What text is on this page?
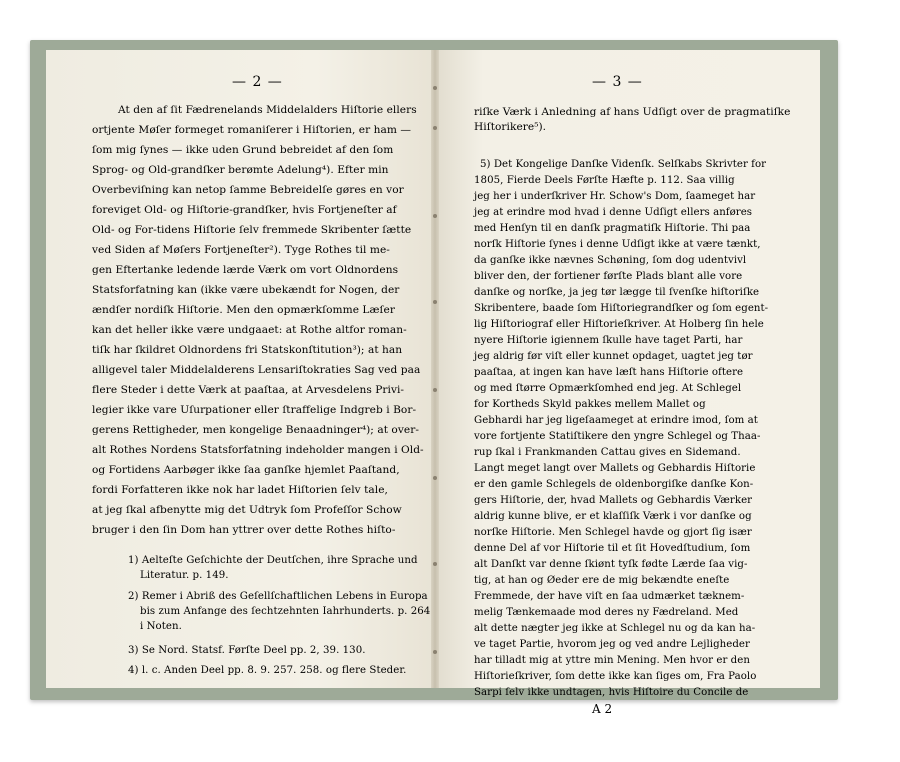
— 2 —
At den af ſit Fædrenelands Middelalders Hiſtorie ellers
ortjente Møſer formeget romaniſerer i Hiſtorien, er ham —
ſom mig ſynes — ikke uden Grund bebreidet af den ſom
Sprog- og Old-grandſker berømte Adelung⁴). Efter min
Overbeviſning kan netop ſamme Bebreidelſe gøres en vor
foreviget Old- og Hiſtorie-grandſker, hvis Fortjeneſter af
Old- og For-tidens Hiſtorie ſelv fremmede Skribenter ſætte
ved Siden af Møſers Fortjeneſter²). Tyge Rothes til me-
gen Eftertanke ledende lærde Værk om vort Oldnordens
Statsforfatning kan (ikke være ubekændt for Nogen, der
ændſer nordiſk Hiſtorie. Men den opmærkſomme Læſer
kan det heller ikke være undgaaet: at Rothe altfor roman-
tiſk har ſkildret Oldnordens fri Statskonſtitution³); at han
alligevel taler Middelalderens Lensariſtokraties Sag ved paa
flere Steder i dette Værk at paaſtaa, at Arvesdelens Privi-
legier ikke vare Uſurpationer eller ſtraffelige Indgreb i Bor-
gerens Rettigheder, men kongelige Benaadninger⁴); at over-
alt Rothes Nordens Statsforfatning indeholder mangen i Old-
og Fortidens Aarbøger ikke ſaa ganſke hjemlet Paaſtand,
fordi Forfatteren ikke nok har ladet Hiſtorien ſelv tale,
at jeg ſkal afbenytte mig det Udtryk ſom Profeſſor Schow
bruger i den ſin Dom han yttrer over dette Rothes hiſto-
1) Aelteſte Geſchichte der Deutſchen, ihre Sprache und
Literatur. p. 149.
2) Remer i Abriß des Geſellſchaftlichen Lebens in Europa
bis zum Anfange des ſechtzehnten Iahrhunderts. p. 264
i Noten.
3) Se Nord. Statsf. Førſte Deel pp. 2, 39. 130.
4) l. c. Anden Deel pp. 8. 9. 257. 258. og flere Steder.
— 3 —
riſke Værk i Anledning af hans Udſigt over de pragmatiſke
Hiſtorikere⁵).
5) Det Kongelige Danſke Videnſk. Selſkabs Skrivter for
1805, Fierde Deels Førſte Hæfte p. 112. Saa villig
jeg her i underſkriver Hr. Schow's Dom, ſaameget har
jeg at erindre mod hvad i denne Udſigt ellers anføres
med Henſyn til en danſk pragmatiſk Hiſtorie. Thi paa
norſk Hiſtorie ſynes i denne Udſigt ikke at være tænkt,
da ganſke ikke nævnes Schøning, ſom dog udentvivl
bliver den, der fortiener førſte Plads blant alle vore
danſke og norſke, ja jeg tør lægge til ſvenſke hiſtoriſke
Skribentere, baade ſom Hiſtoriegrandſker og ſom egent-
lig Hiſtoriograf eller Hiſtorieſkriver. At Holberg ſin hele
nyere Hiſtorie igiennem ſkulle have taget Parti, har
jeg aldrig før viſt eller kunnet opdaget, uagtet jeg tør
paaſtaa, at ingen kan have læſt hans Hiſtorie oftere
og med ſtørre Opmærkſomhed end jeg. At Schlegel
for Kortheds Skyld pakkes mellem Mallet og
Gebhardi har jeg ligeſaameget at erindre imod, ſom at
vore fortjente Statiſtikere den yngre Schlegel og Thaa-
rup ſkal i Frankmanden Cattau gives en Sidemand.
Langt meget langt over Mallets og Gebhardis Hiſtorie
er den gamle Schlegels de oldenborgiſke danſke Kon-
gers Hiſtorie, der, hvad Mallets og Gebhardis Værker
aldrig kunne blive, er et klaſſiſk Værk i vor danſke og
norſke Hiſtorie. Men Schlegel havde og gjort ſig især
denne Del af vor Hiſtorie til et ſit Hovedſtudium, ſom
alt Danſkt var denne ſkiønt tyſk fødte Lærde ſaa vig-
tig, at han og Øeder ere de mig bekændte eneſte
Fremmede, der have viſt en ſaa udmærket tæknem-
melig Tænkemaade mod deres ny Fædreland. Med
alt dette nægter jeg ikke at Schlegel nu og da kan ha-
ve taget Partie, hvorom jeg og ved andre Lejligheder
har tilladt mig at yttre min Mening. Men hvor er den
Hiſtorieſkriver, ſom dette ikke kan ſiges om, Fra Paolo
Sarpi ſelv ikke undtagen, hvis Hiſtoire du Concile de
A 2
